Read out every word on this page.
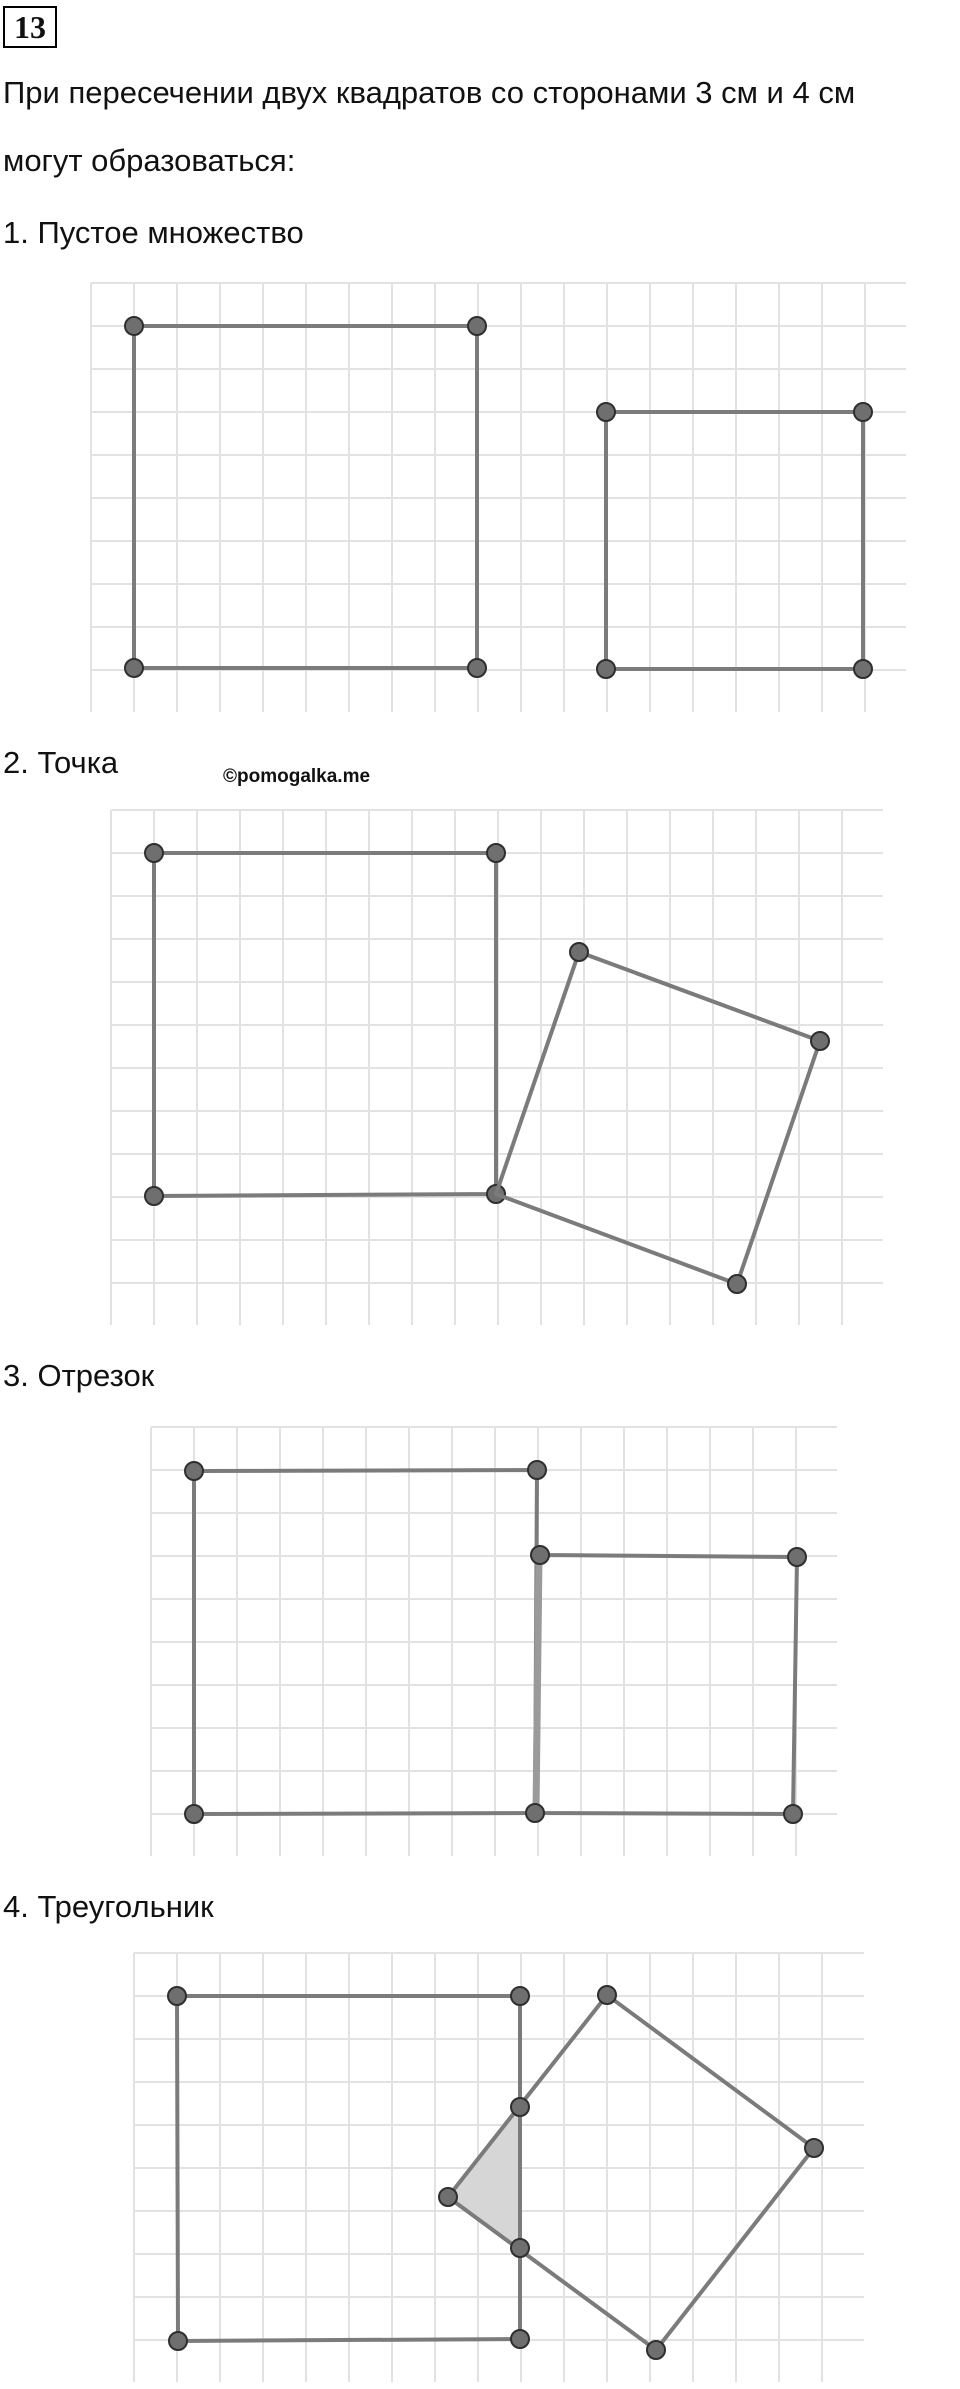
13
При пересечении двух квадратов со сторонами 3 см и 4 см
могут образоваться:
1. Пустое множество
2. Точка	©pomogalka.me
3. Отрезок
4. Треугольник
